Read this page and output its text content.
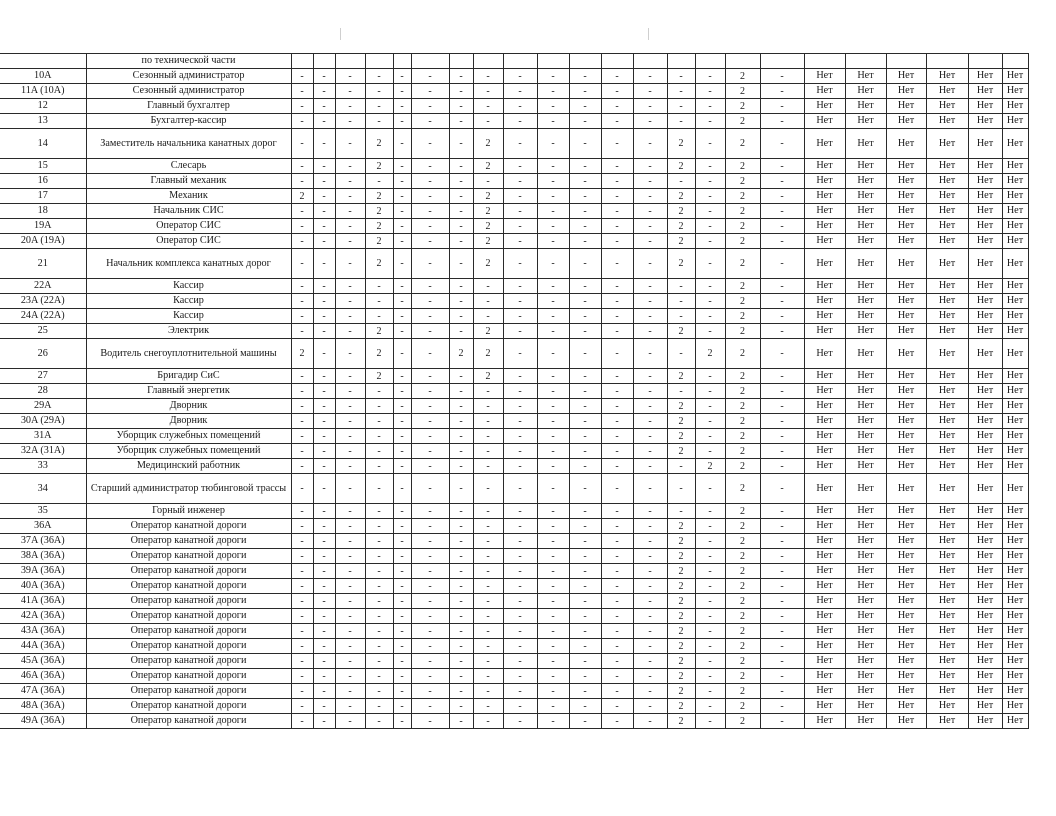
	по технической части																							
10A	Сезонный администратор	-	-	-	-	-	-	-	-	-	-	-	-	-	-	-	2	-	Нет	Нет	Нет	Нет	Нет	Нет
11A (10A)	Сезонный администратор	-	-	-	-	-	-	-	-	-	-	-	-	-	-	-	2	-	Нет	Нет	Нет	Нет	Нет	Нет
12	Главный бухгалтер	-	-	-	-	-	-	-	-	-	-	-	-	-	-	-	2	-	Нет	Нет	Нет	Нет	Нет	Нет
13	Бухгалтер-кассир	-	-	-	-	-	-	-	-	-	-	-	-	-	-	-	2	-	Нет	Нет	Нет	Нет	Нет	Нет
14	Заместитель начальника канатных дорог	-	-	-	2	-	-	-	2	-	-	-	-	-	2	-	2	-	Нет	Нет	Нет	Нет	Нет	Нет
15	Слесарь	-	-	-	2	-	-	-	2	-	-	-	-	-	2	-	2	-	Нет	Нет	Нет	Нет	Нет	Нет
16	Главный механик	-	-	-	-	-	-	-	-	-	-	-	-	-	-	-	2	-	Нет	Нет	Нет	Нет	Нет	Нет
17	Механик	2	-	-	2	-	-	-	2	-	-	-	-	-	2	-	2	-	Нет	Нет	Нет	Нет	Нет	Нет
18	Начальник СИС	-	-	-	2	-	-	-	2	-	-	-	-	-	2	-	2	-	Нет	Нет	Нет	Нет	Нет	Нет
19A	Оператор СИС	-	-	-	2	-	-	-	2	-	-	-	-	-	2	-	2	-	Нет	Нет	Нет	Нет	Нет	Нет
20A (19A)	Оператор СИС	-	-	-	2	-	-	-	2	-	-	-	-	-	2	-	2	-	Нет	Нет	Нет	Нет	Нет	Нет
21	Начальник комплекса канатных дорог	-	-	-	2	-	-	-	2	-	-	-	-	-	2	-	2	-	Нет	Нет	Нет	Нет	Нет	Нет
22A	Кассир	-	-	-	-	-	-	-	-	-	-	-	-	-	-	-	2	-	Нет	Нет	Нет	Нет	Нет	Нет
23A (22A)	Кассир	-	-	-	-	-	-	-	-	-	-	-	-	-	-	-	2	-	Нет	Нет	Нет	Нет	Нет	Нет
24A (22A)	Кассир	-	-	-	-	-	-	-	-	-	-	-	-	-	-	-	2	-	Нет	Нет	Нет	Нет	Нет	Нет
25	Электрик	-	-	-	2	-	-	-	2	-	-	-	-	-	2	-	2	-	Нет	Нет	Нет	Нет	Нет	Нет
26	Водитель снегоуплотнительной машины	2	-	-	2	-	-	2	2	-	-	-	-	-	-	2	2	-	Нет	Нет	Нет	Нет	Нет	Нет
27	Бригадир СиС	-	-	-	2	-	-	-	2	-	-	-	-	-	2	-	2	-	Нет	Нет	Нет	Нет	Нет	Нет
28	Главный энергетик	-	-	-	-	-	-	-	-	-	-	-	-	-	-	-	2	-	Нет	Нет	Нет	Нет	Нет	Нет
29A	Дворник	-	-	-	-	-	-	-	-	-	-	-	-	-	2	-	2	-	Нет	Нет	Нет	Нет	Нет	Нет
30A (29A)	Дворник	-	-	-	-	-	-	-	-	-	-	-	-	-	2	-	2	-	Нет	Нет	Нет	Нет	Нет	Нет
31A	Уборщик служебных помещений	-	-	-	-	-	-	-	-	-	-	-	-	-	2	-	2	-	Нет	Нет	Нет	Нет	Нет	Нет
32A (31A)	Уборщик служебных помещений	-	-	-	-	-	-	-	-	-	-	-	-	-	2	-	2	-	Нет	Нет	Нет	Нет	Нет	Нет
33	Медицинский работник	-	-	-	-	-	-	-	-	-	-	-	-	-	-	2	2	-	Нет	Нет	Нет	Нет	Нет	Нет
34	Старший администратор тюбинговой трассы	-	-	-	-	-	-	-	-	-	-	-	-	-	-	-	2	-	Нет	Нет	Нет	Нет	Нет	Нет
35	Горный инженер	-	-	-	-	-	-	-	-	-	-	-	-	-	-	-	2	-	Нет	Нет	Нет	Нет	Нет	Нет
36A	Оператор канатной дороги	-	-	-	-	-	-	-	-	-	-	-	-	-	2	-	2	-	Нет	Нет	Нет	Нет	Нет	Нет
37A (36A)	Оператор канатной дороги	-	-	-	-	-	-	-	-	-	-	-	-	-	2	-	2	-	Нет	Нет	Нет	Нет	Нет	Нет
38A (36A)	Оператор канатной дороги	-	-	-	-	-	-	-	-	-	-	-	-	-	2	-	2	-	Нет	Нет	Нет	Нет	Нет	Нет
39A (36A)	Оператор канатной дороги	-	-	-	-	-	-	-	-	-	-	-	-	-	2	-	2	-	Нет	Нет	Нет	Нет	Нет	Нет
40A (36A)	Оператор канатной дороги	-	-	-	-	-	-	-	-	-	-	-	-	-	2	-	2	-	Нет	Нет	Нет	Нет	Нет	Нет
41A (36A)	Оператор канатной дороги	-	-	-	-	-	-	-	-	-	-	-	-	-	2	-	2	-	Нет	Нет	Нет	Нет	Нет	Нет
42A (36A)	Оператор канатной дороги	-	-	-	-	-	-	-	-	-	-	-	-	-	2	-	2	-	Нет	Нет	Нет	Нет	Нет	Нет
43A (36A)	Оператор канатной дороги	-	-	-	-	-	-	-	-	-	-	-	-	-	2	-	2	-	Нет	Нет	Нет	Нет	Нет	Нет
44A (36A)	Оператор канатной дороги	-	-	-	-	-	-	-	-	-	-	-	-	-	2	-	2	-	Нет	Нет	Нет	Нет	Нет	Нет
45A (36A)	Оператор канатной дороги	-	-	-	-	-	-	-	-	-	-	-	-	-	2	-	2	-	Нет	Нет	Нет	Нет	Нет	Нет
46A (36A)	Оператор канатной дороги	-	-	-	-	-	-	-	-	-	-	-	-	-	2	-	2	-	Нет	Нет	Нет	Нет	Нет	Нет
47A (36A)	Оператор канатной дороги	-	-	-	-	-	-	-	-	-	-	-	-	-	2	-	2	-	Нет	Нет	Нет	Нет	Нет	Нет
48A (36A)	Оператор канатной дороги	-	-	-	-	-	-	-	-	-	-	-	-	-	2	-	2	-	Нет	Нет	Нет	Нет	Нет	Нет
49A (36A)	Оператор канатной дороги	-	-	-	-	-	-	-	-	-	-	-	-	-	2	-	2	-	Нет	Нет	Нет	Нет	Нет	Нет
